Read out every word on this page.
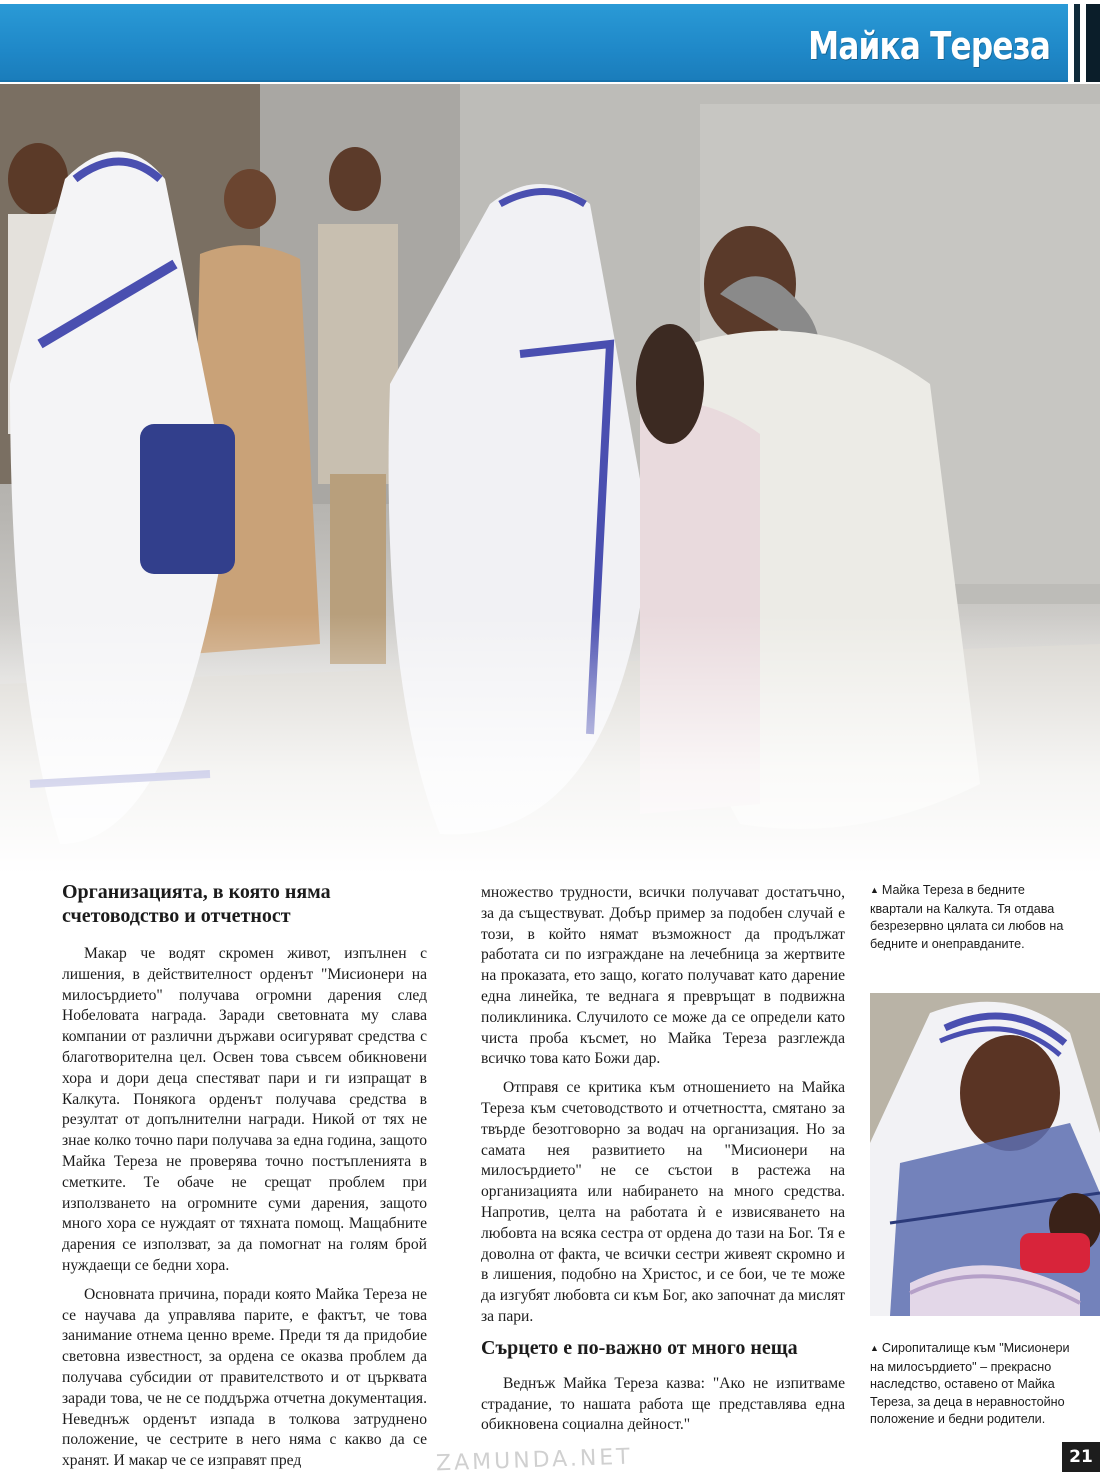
Майка Тереза
Организацията, в която няма счетоводство и отчетност

Макар че водят скромен живот, изпълнен с лишения, в действителност орденът "Мисионери на милосърдието" получава огромни дарения след Нобеловата награда. Заради световната му слава компании от различни държави осигуряват средства с благотворителна цел. Освен това съвсем обикновени хора и дори деца спестяват пари и ги изпращат в Калкута. Понякога орденът получава средства в резултат от допълнителни награди. Никой от тях не знае колко точно пари получава за една година, защото Майка Тереза не проверява точно постъпленията в сметките. Те обаче не срещат проблем при използването на огромните суми дарения, защото много хора се нуждаят от тяхната помощ. Мащабните дарения се използват, за да помогнат на голям брой нуждаещи се бедни хора.

Основната причина, поради която Майка Тереза не се научава да управлява парите, е фактът, че това занимание отнема ценно време. Преди тя да придобие световна известност, за ордена се оказва проблем да получава субсидии от правителството и от църквата заради това, че не се поддържа отчетна документация. Неведнъж орденът изпада в толкова затруднено положение, че сестрите в него няма с какво да се хранят. И макар че се изправят пред

множество трудности, всички получават достатъчно, за да съществуват. Добър пример за подобен случай е този, в който нямат възможност да продължат работата си по изграждане на лечебница за жертвите на проказата, ето защо, когато получават като дарение една линейка, те веднага я превръщат в подвижна поликлиника. Случилото се може да се определи като чиста проба късмет, но Майка Тереза разглежда всичко това като Божи дар.

Отправя се критика към отношението на Майка Тереза към счетоводството и отчетността, смятано за твърде безотговорно за водач на организация. Но за самата нея развитието на "Мисионери на милосърдието" не се състои в растежа на организацията или набирането на много средства. Напротив, целта на работата ѝ е извисяването на любовта на всяка сестра от ордена до тази на Бог. Тя е доволна от факта, че всички сестри живеят скромно и в лишения, подобно на Христос, и се бои, че те може да изгубят любовта си към Бог, ако започнат да мислят за пари.

Сърцето е по-важно от много неща

Веднъж Майка Тереза казва: "Ако не изпитваме страдание, то нашата работа ще представлява една обикновена социална дейност."

▲ Майка Тереза в бедните квартали на Калкута. Тя отдава безрезервно цялата си любов на бедните и онеправданите.
▲ Сиропиталище към "Мисионери на милосърдието" – прекрасно наследство, оставено от Майка Тереза, за деца в неравностойно положение и бедни родители.
ZAMUNDA.NET	21
